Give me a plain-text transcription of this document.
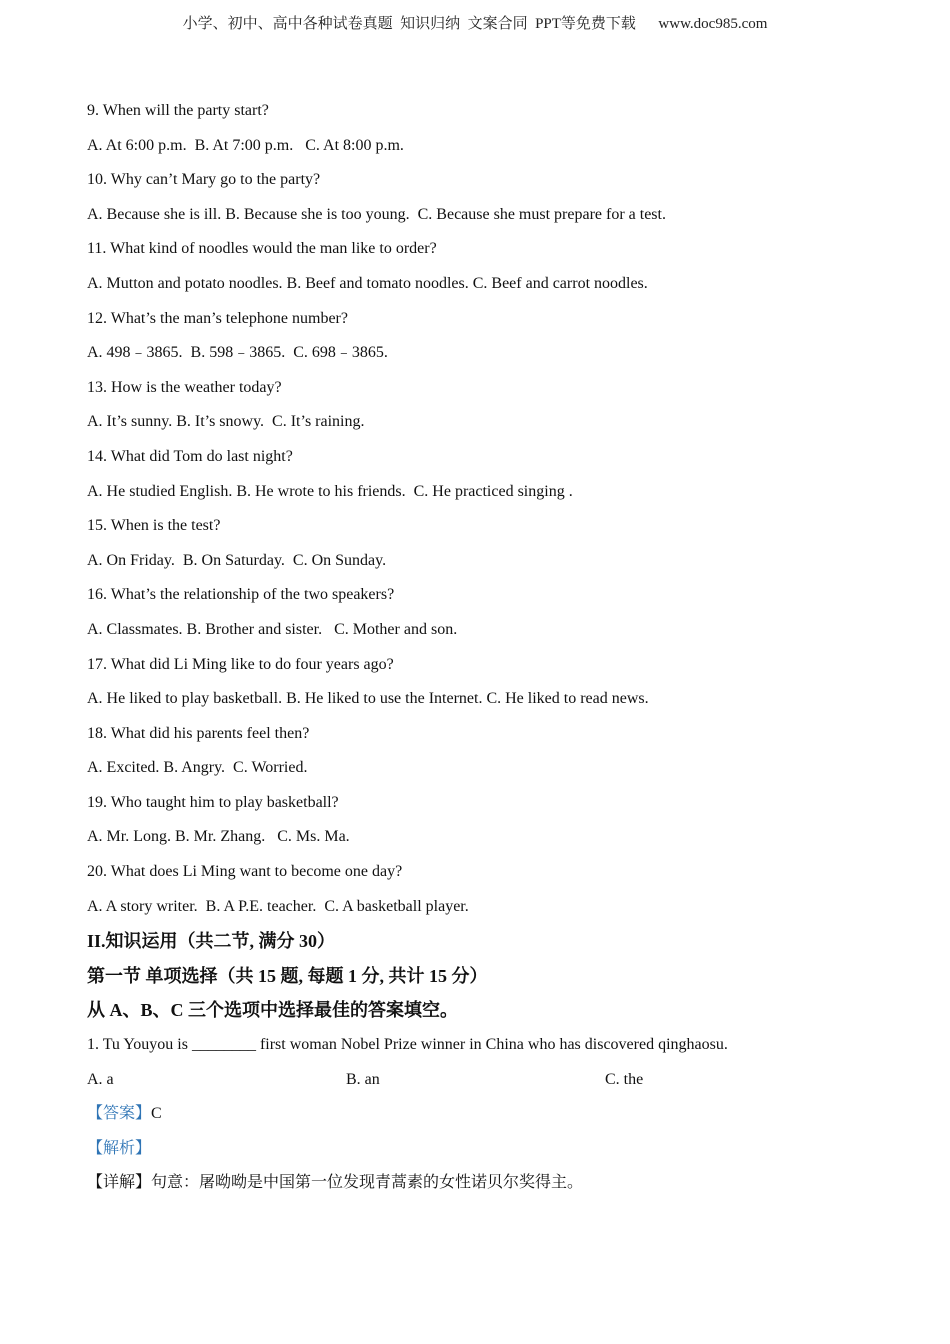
小学、初中、高中各种试卷真题  知识归纳  文案合同  PPT等免费下载      www.doc985.com
9. When will the party start?
A. At 6:00 p.m.  B. At 7:00 p.m.   C. At 8:00 p.m.
10. Why can’t Mary go to the party?
A. Because she is ill. B. Because she is too young.  C. Because she must prepare for a test.
11. What kind of noodles would the man like to order?
A. Mutton and potato noodles. B. Beef and tomato noodles. C. Beef and carrot noodles.
12. What’s the man’s telephone number?
A. 498﹣3865.  B. 598﹣3865.  C. 698﹣3865.
13. How is the weather today?
A. It’s sunny. B. It’s snowy.  C. It’s raining.
14. What did Tom do last night?
A. He studied English. B. He wrote to his friends.  C. He practiced singing .
15. When is the test?
A. On Friday.  B. On Saturday.  C. On Sunday.
16. What’s the relationship of the two speakers?
A. Classmates. B. Brother and sister.   C. Mother and son.
17. What did Li Ming like to do four years ago?
A. He liked to play basketball. B. He liked to use the Internet. C. He liked to read news.
18. What did his parents feel then?
A. Excited. B. Angry.  C. Worried.
19. Who taught him to play basketball?
A. Mr. Long. B. Mr. Zhang.   C. Ms. Ma.
20. What does Li Ming want to become one day?
A. A story writer.  B. A P.E. teacher.  C. A basketball player.
II.知识运用（共二节, 满分 30）
第一节 单项选择（共 15 题, 每题 1 分, 共计 15 分）
从 A、B、C 三个选项中选择最佳的答案填空。
1. Tu Youyou is ________ first woman Nobel Prize winner in China who has discovered qinghaosu.
A. a	B. an	C. the
【答案】C
【解析】
【详解】句意：屠呦呦是中国第一位发现青蒿素的女性诺贝尔奖得主。
